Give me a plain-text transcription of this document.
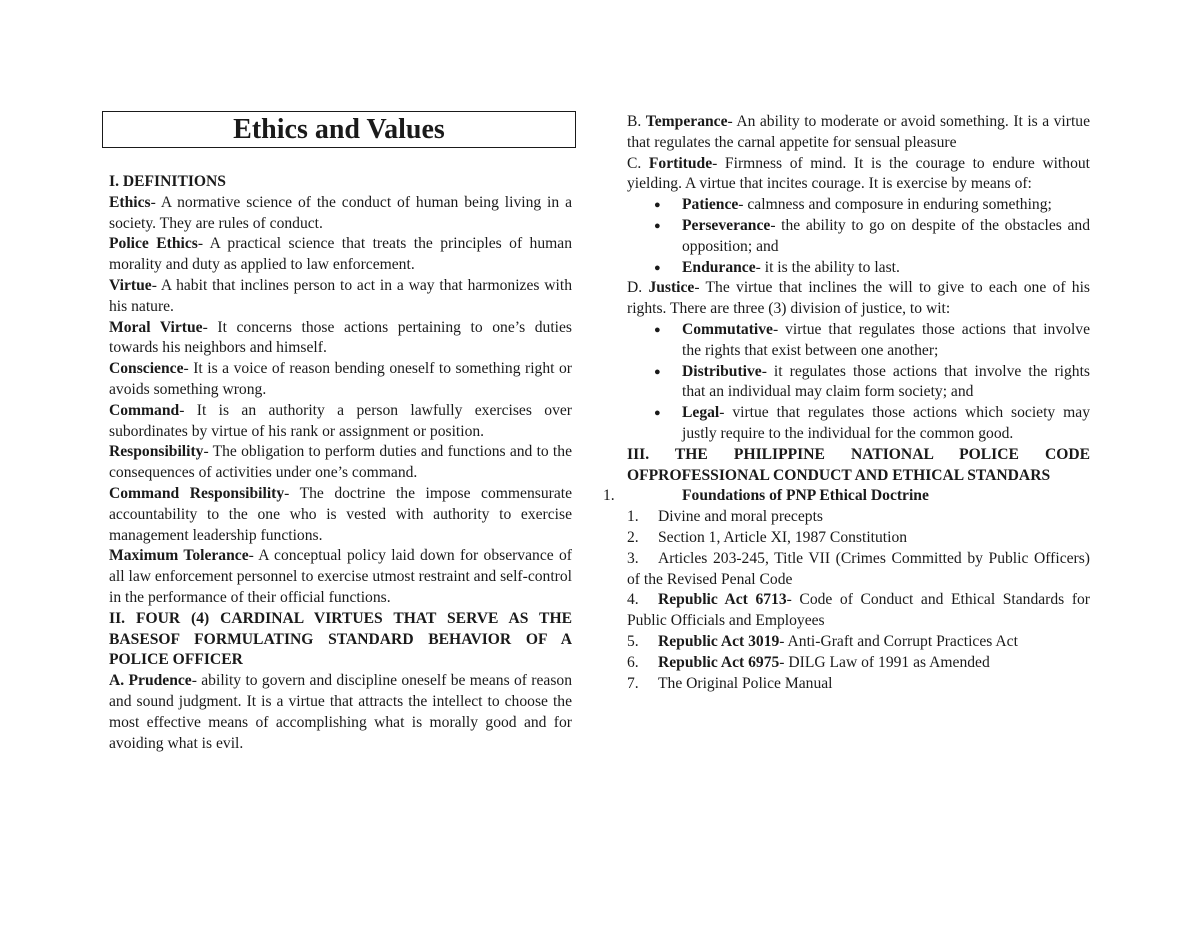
Ethics and Values

I. DEFINITIONS

Ethics- A normative science of the conduct of human being living in a society. They are rules of conduct.

Police Ethics- A practical science that treats the principles of human morality and duty as applied to law enforcement.

Virtue- A habit that inclines person to act in a way that harmonizes with his nature.

Moral Virtue- It concerns those actions pertaining to one’s duties towards his neighbors and himself.

Conscience- It is a voice of reason bending oneself to something right or avoids something wrong.

Command- It is an authority a person lawfully exercises over subordinates by virtue of his rank or assignment or position.

Responsibility- The obligation to perform duties and functions and to the consequences of activities under one’s command.

Command Responsibility- The doctrine the impose commensurate accountability to the one who is vested with authority to exercise management leadership functions.

Maximum Tolerance- A conceptual policy laid down for observance of all law enforcement personnel to exercise utmost restraint and self-control in the performance of their official functions.

II. FOUR (4) CARDINAL VIRTUES THAT SERVE AS THE BASESOF FORMULATING STANDARD BEHAVIOR OF A POLICE OFFICER

A. Prudence- ability to govern and discipline oneself be means of reason and sound judgment. It is a virtue that attracts the intellect to choose the most effective means of accomplishing what is morally good and for avoiding what is evil.

B. Temperance- An ability to moderate or avoid something. It is a virtue that regulates the carnal appetite for sensual pleasure

C. Fortitude- Firmness of mind. It is the courage to endure without yielding. A virtue that incites courage. It is exercise by means of:

● Patience- calmness and composure in enduring something;
● Perseverance- the ability to go on despite of the obstacles and opposition; and
● Endurance- it is the ability to last.

D. Justice- The virtue that inclines the will to give to each one of his rights. There are three (3) division of justice, to wit:

● Commutative- virtue that regulates those actions that involve the rights that exist between one another;
● Distributive- it regulates those actions that involve the rights that an individual may claim form society; and
● Legal- virtue that regulates those actions which society may justly require to the individual for the common good.

III. THE PHILIPPINE NATIONAL POLICE CODE OFPROFESSIONAL CONDUCT AND ETHICAL STANDARS

1.	Foundations of PNP Ethical Doctrine

1. Divine and moral precepts
2. Section 1, Article XI, 1987 Constitution
3. Articles 203-245, Title VII (Crimes Committed by Public Officers) of the Revised Penal Code
4. Republic Act 6713- Code of Conduct and Ethical Standards for Public Officials and Employees
5. Republic Act 3019- Anti-Graft and Corrupt Practices Act
6. Republic Act 6975- DILG Law of 1991 as Amended
7. The Original Police Manual
